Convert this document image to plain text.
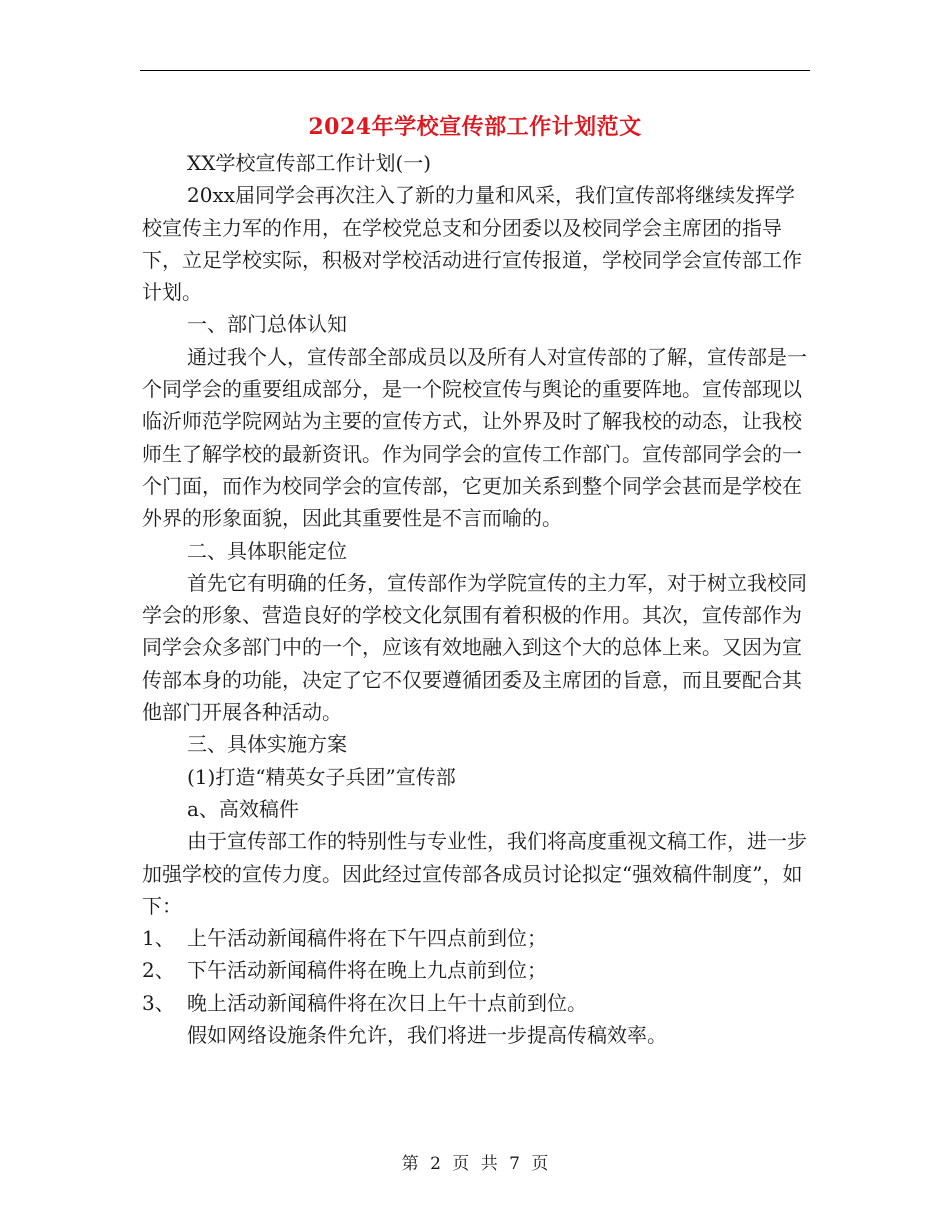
2024年学校宣传部工作计划范文

XX学校宣传部工作计划(一)

20xx届同学会再次注入了新的力量和风采，我们宣传部将继续发挥学校宣传主力军的作用，在学校党总支和分团委以及校同学会主席团的指导下，立足学校实际，积极对学校活动进行宣传报道，学校同学会宣传部工作计划。

一、部门总体认知

通过我个人，宣传部全部成员以及所有人对宣传部的了解，宣传部是一个同学会的重要组成部分，是一个院校宣传与舆论的重要阵地。宣传部现以临沂师范学院网站为主要的宣传方式，让外界及时了解我校的动态，让我校师生了解学校的最新资讯。作为同学会的宣传工作部门。宣传部同学会的一个门面，而作为校同学会的宣传部，它更加关系到整个同学会甚而是学校在外界的形象面貌，因此其重要性是不言而喻的。

二、具体职能定位

首先它有明确的任务，宣传部作为学院宣传的主力军，对于树立我校同学会的形象、营造良好的学校文化氛围有着积极的作用。其次，宣传部作为同学会众多部门中的一个，应该有效地融入到这个大的总体上来。又因为宣传部本身的功能，决定了它不仅要遵循团委及主席团的旨意，而且要配合其他部门开展各种活动。

三、具体实施方案

(1)打造“精英女子兵团”宣传部

a、高效稿件

由于宣传部工作的特别性与专业性，我们将高度重视文稿工作，进一步加强学校的宣传力度。因此经过宣传部各成员讨论拟定“强效稿件制度”，如下：

1、 上午活动新闻稿件将在下午四点前到位；

2、 下午活动新闻稿件将在晚上九点前到位；

3、 晚上活动新闻稿件将在次日上午十点前到位。

假如网络设施条件允许，我们将进一步提高传稿效率。

第 2 页 共 7 页
